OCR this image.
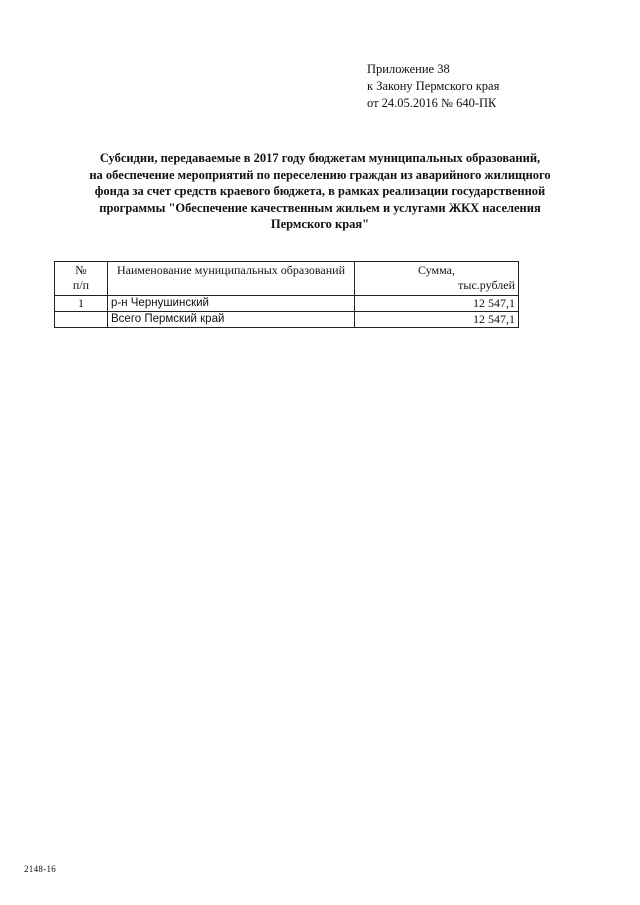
Приложение 38
к Закону Пермского края
от 24.05.2016 № 640-ПК
Субсидии, передаваемые в 2017 году бюджетам муниципальных образований,
на обеспечение мероприятий по переселению граждан из аварийного жилищного
фонда за счет средств краевого бюджета, в рамках реализации государственной
программы "Обеспечение качественным жильем и услугами ЖКХ населения
Пермского края"
№
п/п	Наименование муниципальных образований	Сумма,
тыс.рублей

1	р-н Чернушинский	12 547,1
	Всего Пермский край	12 547,1
2148-16
